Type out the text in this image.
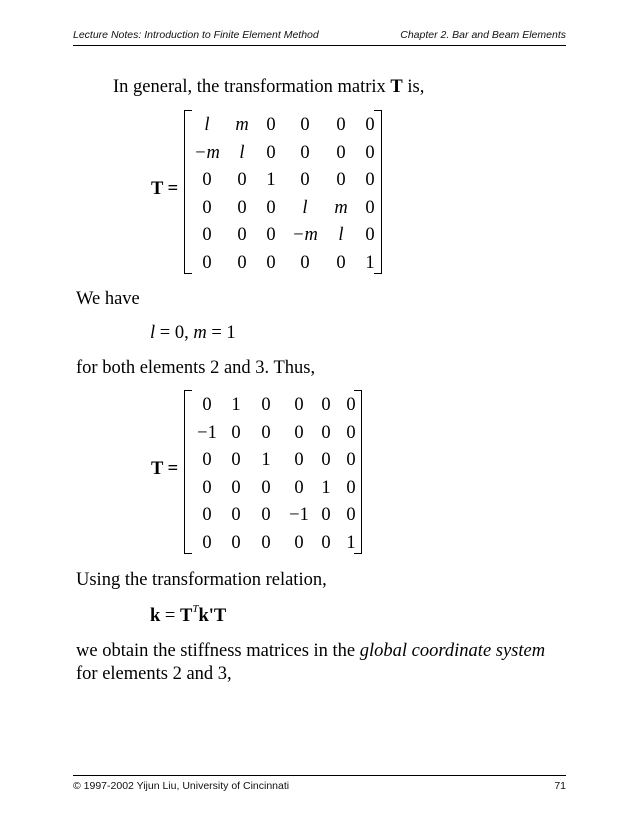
Lecture Notes: Introduction to Finite Element Method	Chapter 2. Bar and Beam Elements
In general, the transformation matrix T is,
T =
l m 0 0 0 0
−m l 0 0 0 0
0 0 1 0 0 0
0 0 0 l m 0
0 0 0 −m l 0
0 0 0 0 0 1
We have
l = 0, m = 1
for both elements 2 and 3. Thus,
T =
0 1 0 0 0 0
−1 0 0 0 0 0
0 0 1 0 0 0
0 0 0 0 1 0
0 0 0 −1 0 0
0 0 0 0 0 1
Using the transformation relation,
$k = T^Tk'T$
we obtain the stiffness matrices in the global coordinate system
for elements 2 and 3,
© 1997-2002 Yijun Liu, University of Cincinnati	71
